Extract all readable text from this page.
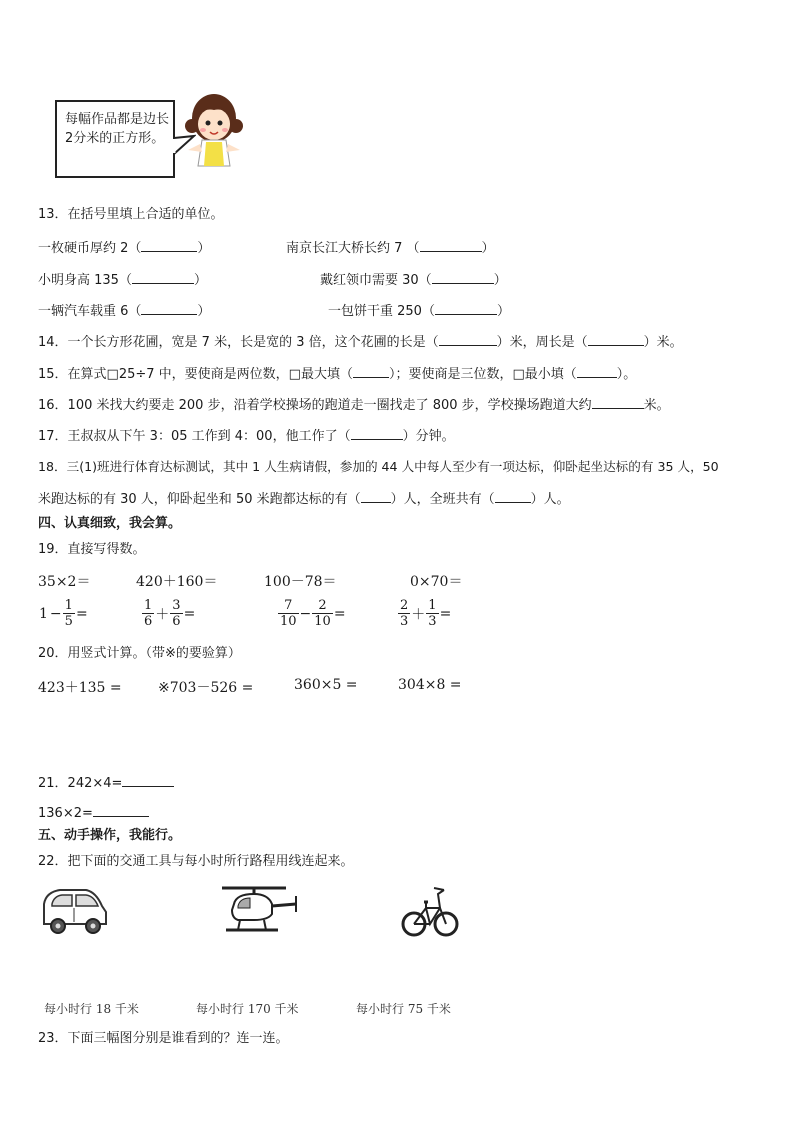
每幅作品都是边长2分米的正方形。
13．在括号里填上合适的单位。
一枚硬币厚约 2（	）	南京长江大桥长约 7 （	）
小明身高 135（	）	戴红领巾需要 30（	）
一辆汽车载重 6（	）	一包饼干重 250（	）
14．一个长方形花圃，宽是 7 米，长是宽的 3 倍，这个花圃的长是（	）米，周长是（	）米。
15．在算式□25÷7 中，要使商是两位数，□最大填（	）；要使商是三位数，□最小填（	）。
16．100 米找大约要走 200 步，沿着学校操场的跑道走一圈找走了 800 步，学校操场跑道大约	米。
17．王叔叔从下午 3：05 工作到 4：00，他工作了（	）分钟。
18．三(1)班进行体育达标测试，其中 1 人生病请假，参加的 44 人中每人至少有一项达标，仰卧起坐达标的有 35 人，50
米跑达标的有 30 人，仰卧起坐和 50 米跑都达标的有（ ）人，全班共有（	）人。
四、认真细致，我会算。
19．直接写得数。
35×2＝	420＋160＝	100－78＝	0×70＝
$1 - \frac{1}{5}$ =	$\frac{1}{6} + \frac{3}{6}$ =	$\frac{7}{10} - \frac{2}{10}$ =	$\frac{2}{3} + \frac{1}{3}$ =
20．用竖式计算。（带※的要验算）
423＋135 =	※703－526 =	360×5 =	304×8 =
21．242×4=
136×2=
五、动手操作，我能行。
22．把下面的交通工具与每小时所行路程用线连起来。
每小时行 18 千米	每小时行 170 千米	每小时行 75 千米
23．下面三幅图分别是谁看到的？连一连。
